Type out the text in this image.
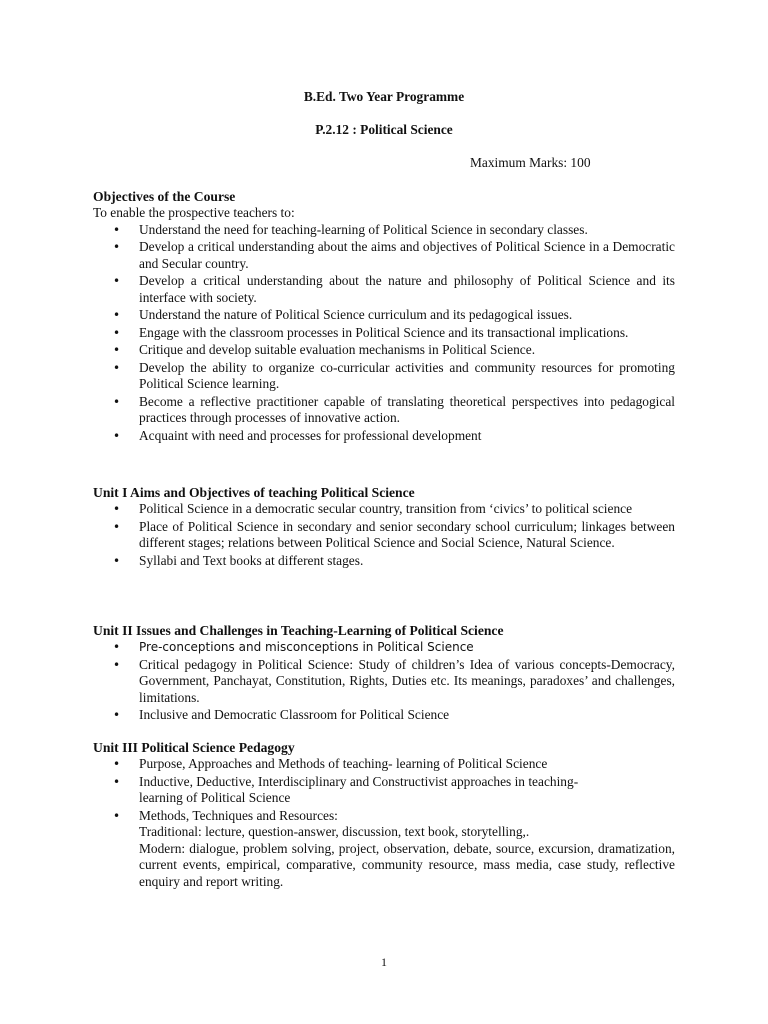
B.Ed. Two Year Programme
P.2.12 : Political Science
Maximum Marks: 100
Objectives of the Course

To enable the prospective teachers to:

• Understand the need for teaching-learning of Political Science in secondary classes.
• Develop a critical understanding about the aims and objectives of Political Science in a Democratic and Secular country.
• Develop a critical understanding about the nature and philosophy of Political Science and its interface with society.
• Understand the nature of Political Science curriculum and its pedagogical issues.
• Engage with the classroom processes in Political Science and its transactional implications.
• Critique and develop suitable evaluation mechanisms in Political Science.
• Develop the ability to organize co-curricular activities and community resources for promoting Political Science learning.
• Become a reflective practitioner capable of translating theoretical perspectives into pedagogical practices through processes of innovative action.
• Acquaint with need and processes for professional development
Unit I Aims and Objectives of teaching Political Science
• Political Science in a democratic secular country, transition from ‘civics’ to political science
• Place of Political Science in secondary and senior secondary school curriculum; linkages between different stages; relations between Political Science and Social Science, Natural Science.
• Syllabi and Text books at different stages.
Unit II Issues and Challenges in Teaching-Learning of Political Science
• Pre-conceptions and misconceptions in Political Science
• Critical pedagogy in Political Science: Study of children’s Idea of various concepts-Democracy, Government, Panchayat, Constitution, Rights, Duties etc. Its meanings, paradoxes’ and challenges, limitations.
• Inclusive and Democratic Classroom for Political Science
Unit III Political Science Pedagogy
• Purpose, Approaches and Methods of teaching- learning of Political Science
• Inductive, Deductive, Interdisciplinary and Constructivist approaches in teaching-
learning of Political Science
• Methods, Techniques and Resources:
Traditional: lecture, question-answer, discussion, text book, storytelling,.
Modern: dialogue, problem solving, project, observation, debate, source, excursion, dramatization, current events, empirical, comparative, community resource, mass media, case study, reflective enquiry and report writing.
1
